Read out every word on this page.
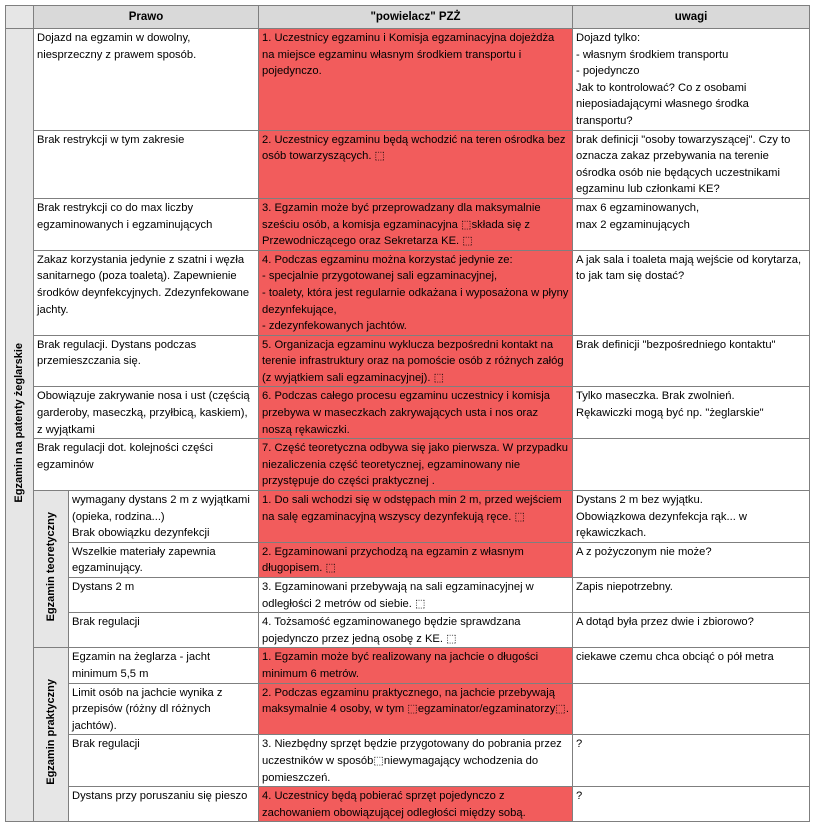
	Prawo		"powielacz" PZŻ	uwagi
Egzamin na patenty żeglarskie	Dojazd na egzamin w dowolny, niesprzeczny z prawem sposób.		1. Uczestnicy egzaminu i Komisja egzaminacyjna dojeżdża na miejsce egzaminu własnym środkiem transportu i pojedynczo.	Dojazd tylko:
- własnym środkiem transportu
- pojedynczo
Jak to kontrolować? Co z osobami nieposiadającymi własnego środka transportu?
	Brak restrykcji w tym zakresie		2. Uczestnicy egzaminu będą wchodzić na teren ośrodka bez osób towarzyszących. ⬚	brak definicji "osoby towarzyszącej". Czy to oznacza zakaz przebywania na terenie ośrodka osób nie będących uczestnikami egzaminu lub członkami KE?
	Brak restrykcji co do max liczby egzaminowanych i egzaminujących		3. Egzamin może być przeprowadzany dla maksymalnie sześciu osób, a komisja egzaminacyjna ⬚składa się z Przewodniczącego oraz Sekretarza KE. ⬚	max 6 egzaminowanych,
max 2 egzaminujących
	Zakaz korzystania jedynie z szatni i węzła sanitarnego (poza toaletą). Zapewnienie środków deynfekcyjnych. Zdezynfekowane jachty.		4. Podczas egzaminu można korzystać jedynie ze:
- specjalnie przygotowanej sali egzaminacyjnej,
- toalety, która jest regularnie odkażana i wyposażona w płyny dezynfekujące,
- zdezynfekowanych jachtów.	A jak sala i toaleta mają wejście od korytarza, to jak tam się dostać?
	Brak regulacji. Dystans podczas przemieszczania się.		5. Organizacja egzaminu wyklucza bezpośredni kontakt na terenie infrastruktury oraz na pomoście osób z różnych załóg (z wyjątkiem sali egzaminacyjnej). ⬚	Brak definicji "bezpośredniego kontaktu"
	Obowiązuje zakrywanie nosa i ust (częścią garderoby, maseczką, przyłbicą, kaskiem), z wyjątkami		6. Podczas całego procesu egzaminu uczestnicy i komisja przebywa w maseczkach zakrywających usta i nos oraz noszą rękawiczki.	Tylko maseczka. Brak zwolnień.
Rękawiczki mogą być np. "żeglarskie"
	Brak regulacji dot. kolejności części egzaminów		7. Część teoretyczna odbywa się jako pierwsza. W przypadku niezaliczenia część teoretycznej, egzaminowany nie przystępuje do części praktycznej .	
	Egzamin teoretyczny	wymagany dystans 2 m z wyjątkami (opieka, rodzina...)
Brak obowiązku dezynfekcji	1. Do sali wchodzi się w odstępach min 2 m, przed wejściem na salę egzaminacyjną wszyscy dezynfekują ręce. ⬚	Dystans 2 m bez wyjątku.
Obowiązkowa dezynfekcja rąk... w rękawiczkach.
		Wszelkie materiały zapewnia egzaminujący.	2. Egzaminowani przychodzą na egzamin z własnym długopisem. ⬚	A z pożyczonym nie może?
		Dystans 2 m	3. Egzaminowani przebywają na sali egzaminacyjnej w odległości 2 metrów od siebie. ⬚	Zapis niepotrzebny.
		Brak regulacji	4. Tożsamość egzaminowanego będzie sprawdzana pojedynczo przez jedną osobę z KE. ⬚	A dotąd była przez dwie i zbiorowo?
	Egzamin praktyczny	Egzamin na żeglarza - jacht minimum 5,5 m	1. Egzamin może być realizowany na jachcie o długości minimum 6 metrów.	ciekawe czemu chca obciąć o pół metra
		Limit osób na jachcie wynika z przepisów (różny dl różnych jachtów).	2. Podczas egzaminu praktycznego, na jachcie przebywają maksymalnie 4 osoby, w tym ⬚egzaminator/egzaminatorzy⬚.	
		Brak regulacji	3. Niezbędny sprzęt będzie przygotowany do pobrania przez uczestników w sposób⬚niewymagający wchodzenia do pomieszczeń.	?
		Dystans przy poruszaniu się pieszo	4. Uczestnicy będą pobierać sprzęt pojedynczo z zachowaniem obowiązującej odległości między sobą.	?
